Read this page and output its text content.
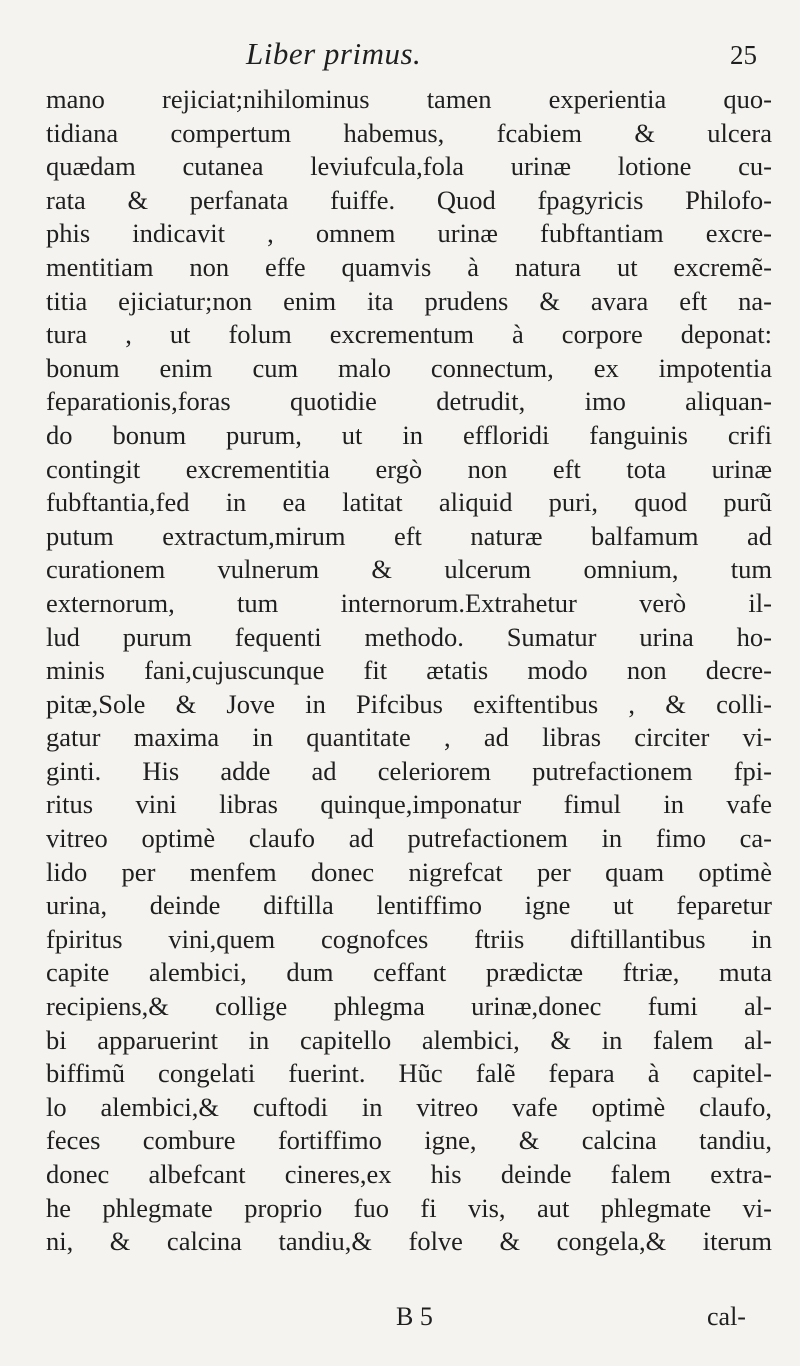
Liber primus.	25
mano rejiciat;nihilominus tamen experientia quo-
tidiana compertum habemus, fcabiem & ulcera
quædam cutanea leviufcula,fola urinæ lotione cu-
rata & perfanata fuiffe. Quod fpagyricis Philofo-
phis indicavit , omnem urinæ fubftantiam excre-
mentitiam non effe quamvis à natura ut excremẽ-
titia ejiciatur;non enim ita prudens & avara eft na-
tura , ut folum excrementum à corpore deponat:
bonum enim cum malo connectum, ex impotentia
feparationis,foras quotidie detrudit, imo aliquan-
do bonum purum, ut in effloridi fanguinis crifi
contingit excrementitia ergò non eft tota urinæ
fubftantia,fed in ea latitat aliquid puri, quod purũ
putum extractum,mirum eft naturæ balfamum ad
curationem vulnerum & ulcerum omnium, tum
externorum, tum internorum.Extrahetur verò il-
lud purum fequenti methodo. Sumatur urina ho-
minis fani,cujuscunque fit ætatis modo non decre-
pitæ,Sole & Jove in Pifcibus exiftentibus , & colli-
gatur maxima in quantitate , ad libras circiter vi-
ginti. His adde ad celeriorem putrefactionem fpi-
ritus vini libras quinque,imponatur fimul in vafe
vitreo optimè claufo ad putrefactionem in fimo ca-
lido per menfem donec nigrefcat per quam optimè
urina, deinde diftilla lentiffimo igne ut feparetur
fpiritus vini,quem cognofces ftriis diftillantibus in
capite alembici, dum ceffant prædictæ ftriæ, muta
recipiens,& collige phlegma urinæ,donec fumi al-
bi apparuerint in capitello alembici, & in falem al-
biffimũ congelati fuerint. Hũc falẽ fepara à capitel-
lo alembici,& cuftodi in vitreo vafe optimè claufo,
feces combure fortiffimo igne, & calcina tandiu,
donec albefcant cineres,ex his deinde falem extra-
he phlegmate proprio fuo fi vis, aut phlegmate vi-
ni, & calcina tandiu,& folve & congela,& iterum
B 5	cal-
